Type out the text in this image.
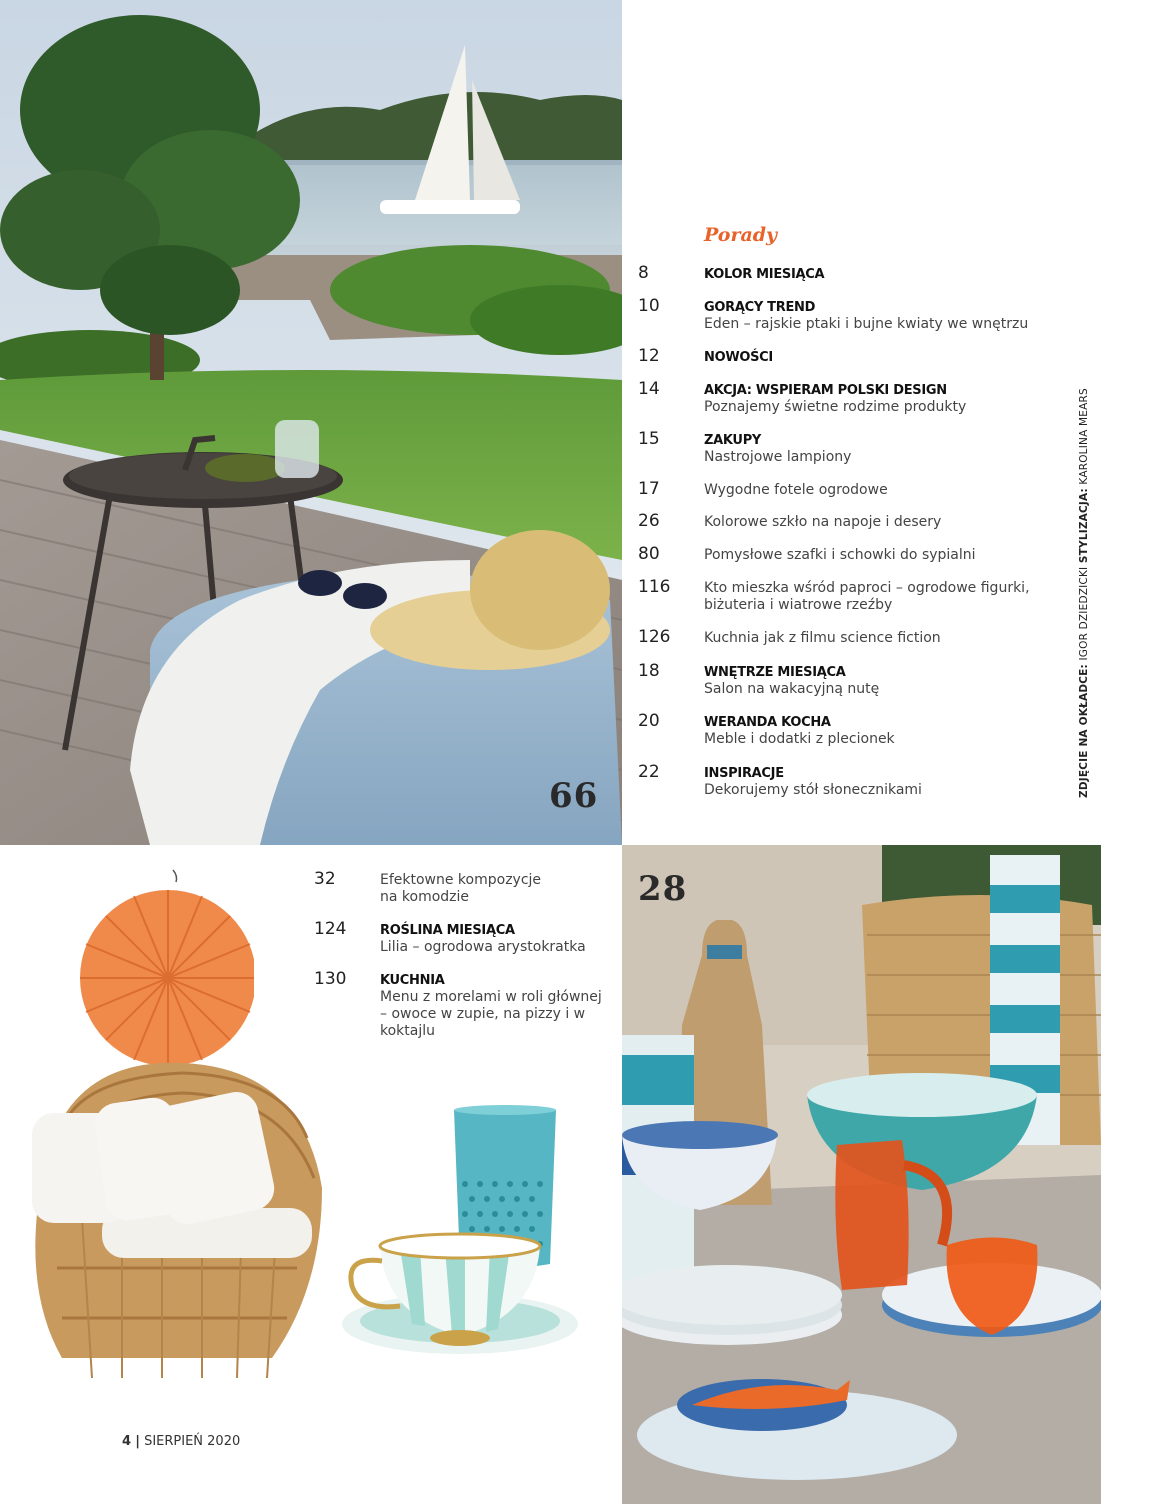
66
28
Porady
8	KOLOR MIESIĄCA
10	GORĄCY TREND
Eden – rajskie ptaki i bujne kwiaty we wnętrzu
12	NOWOŚCI
14	AKCJA: WSPIERAM POLSKI DESIGN
Poznajemy świetne rodzime produkty
15	ZAKUPY
Nastrojowe lampiony
17	Wygodne fotele ogrodowe
26	Kolorowe szkło na napoje i desery
80	Pomysłowe szafki i schowki do sypialni
116 Kto mieszka wśród paproci – ogrodowe figurki, biżuteria i wiatrowe rzeźby
126 Kuchnia jak z filmu science fiction
18	WNĘTRZE MIESIĄCA
Salon na wakacyjną nutę
20	WERANDA KOCHA
Meble i dodatki z plecionek
22	INSPIRACJE
Dekorujemy stół słonecznikami
32	Efektowne kompozycje na komodzie
124	ROŚLINA MIESIĄCA
Lilia – ogrodowa arystokratka
130	KUCHNIA
Menu z morelami w roli głównej – owoce w zupie, na pizzy i w koktajlu
ZDJĘCIE NA OKŁADCE: IGOR DZIEDZICKI STYLIZACJA: KAROLINA MEARS
4 | SIERPIEŃ 2020
